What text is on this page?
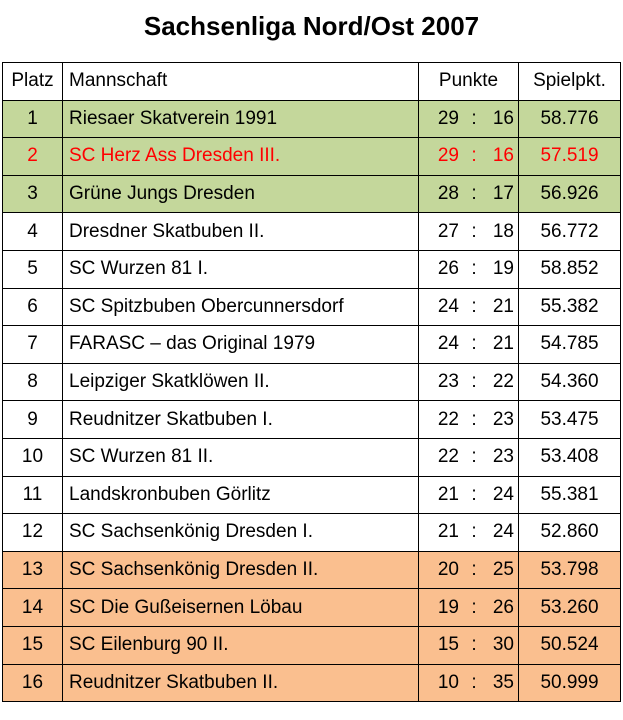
Sachsenliga Nord/Ost 2007
Platz	Mannschaft	Punkte	Spielpkt.
1	Riesaer Skatverein 1991	29 : 16	58.776
2	SC Herz Ass Dresden III.	29 : 16	57.519
3	Grüne Jungs Dresden	28 : 17	56.926
4	Dresdner Skatbuben II.	27 : 18	56.772
5	SC Wurzen 81 I.	26 : 19	58.852
6	SC Spitzbuben Obercunnersdorf	24 : 21	55.382
7	FARASC – das Original 1979	24 : 21	54.785
8	Leipziger Skatklöwen II.	23 : 22	54.360
9	Reudnitzer Skatbuben I.	22 : 23	53.475
10	SC Wurzen 81 II.	22 : 23	53.408
11	Landskronbuben Görlitz	21 : 24	55.381
12	SC Sachsenkönig Dresden I.	21 : 24	52.860
13	SC Sachsenkönig Dresden II.	20 : 25	53.798
14	SC Die Gußeisernen Löbau	19 : 26	53.260
15	SC Eilenburg 90 II.	15 : 30	50.524
16	Reudnitzer Skatbuben II.	10 : 35	50.999
